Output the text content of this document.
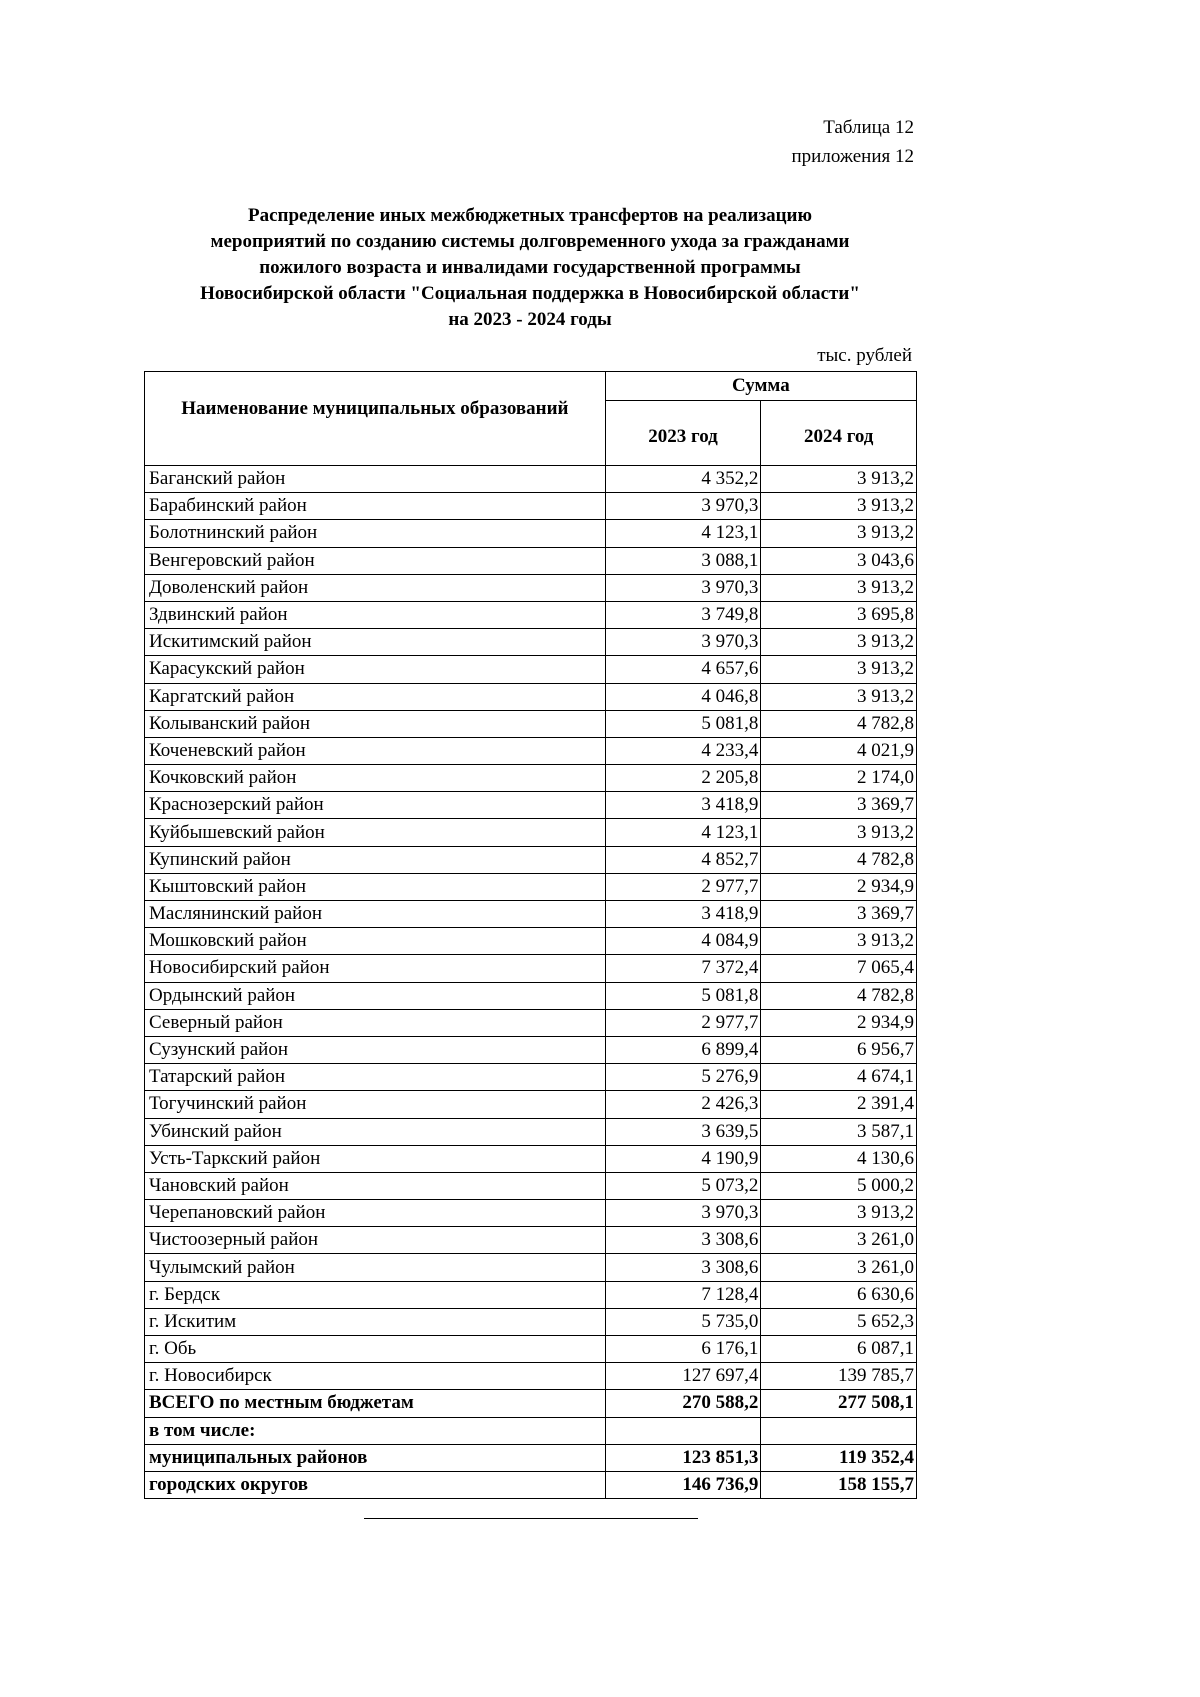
Таблица 12
приложения 12
Распределение иных межбюджетных трансфертов на реализацию
мероприятий по созданию системы долговременного ухода за гражданами
пожилого возраста и инвалидами государственной программы
Новосибирской области "Социальная поддержка в Новосибирской области"
на 2023 - 2024 годы
тыс. рублей
Наименование муниципальных образований	Сумма	
	2023 год	2024 год
Баганский район	4 352,2	3 913,2
Барабинский район	3 970,3	3 913,2
Болотнинский район	4 123,1	3 913,2
Венгеровский район	3 088,1	3 043,6
Доволенский район	3 970,3	3 913,2
Здвинский район	3 749,8	3 695,8
Искитимский район	3 970,3	3 913,2
Карасукский район	4 657,6	3 913,2
Каргатский район	4 046,8	3 913,2
Колыванский район	5 081,8	4 782,8
Коченевский район	4 233,4	4 021,9
Кочковский район	2 205,8	2 174,0
Краснозерский район	3 418,9	3 369,7
Куйбышевский район	4 123,1	3 913,2
Купинский район	4 852,7	4 782,8
Кыштовский район	2 977,7	2 934,9
Маслянинский район	3 418,9	3 369,7
Мошковский район	4 084,9	3 913,2
Новосибирский район	7 372,4	7 065,4
Ордынский район	5 081,8	4 782,8
Северный район	2 977,7	2 934,9
Сузунский район	6 899,4	6 956,7
Татарский район	5 276,9	4 674,1
Тогучинский район	2 426,3	2 391,4
Убинский район	3 639,5	3 587,1
Усть-Таркский район	4 190,9	4 130,6
Чановский район	5 073,2	5 000,2
Черепановский район	3 970,3	3 913,2
Чистоозерный район	3 308,6	3 261,0
Чулымский район	3 308,6	3 261,0
г. Бердск	7 128,4	6 630,6
г. Искитим	5 735,0	5 652,3
г. Обь	6 176,1	6 087,1
г. Новосибирск	127 697,4	139 785,7
ВСЕГО по местным бюджетам	270 588,2	277 508,1
в том числе:		
муниципальных районов	123 851,3	119 352,4
городских округов	146 736,9	158 155,7
